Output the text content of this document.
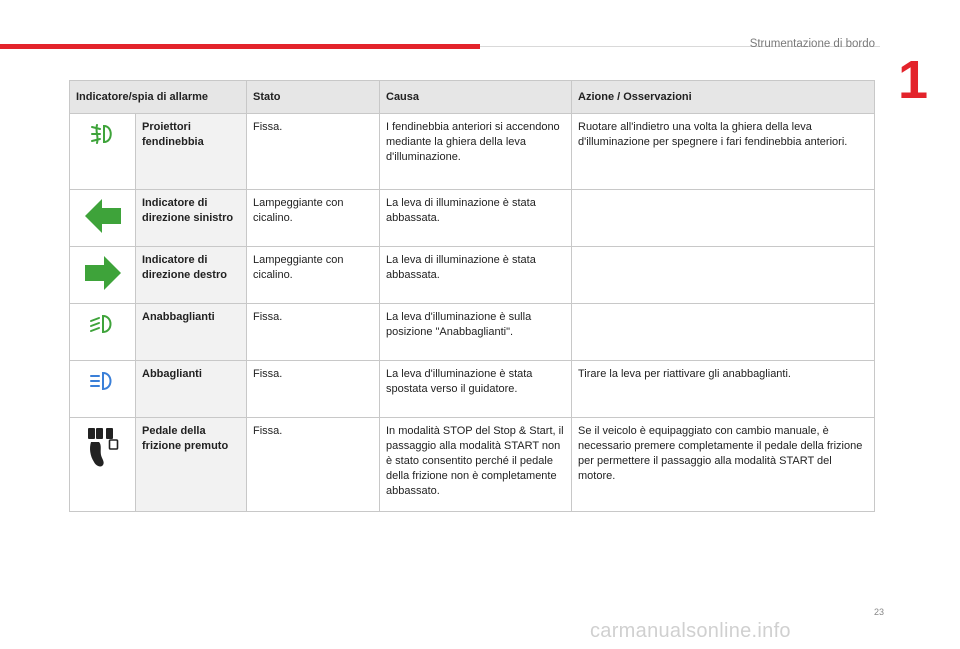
Strumentazione di bordo
1
Indicatore/spia di allarme		Stato	Causa	Azione / Osservazioni

	Proiettori fendinebbia	Fissa.	I fendinebbia anteriori si accendono mediante la ghiera della leva d'illuminazione.	Ruotare all'indietro una volta la ghiera della leva d'illuminazione per spegnere i fari fendinebbia anteriori.

	Indicatore di direzione sinistro	Lampeggiante con cicalino.	La leva di illuminazione è stata abbassata.	

	Indicatore di direzione destro	Lampeggiante con cicalino.	La leva di illuminazione è stata abbassata.	

	Anabbaglianti	Fissa.	La leva d'illuminazione è sulla posizione "Anabbaglianti".	

	Abbaglianti	Fissa.	La leva d'illuminazione è stata spostata verso il guidatore.	Tirare la leva per riattivare gli anabbaglianti.

	Pedale della frizione premuto	Fissa.	In modalità STOP del Stop & Start, il passaggio alla modalità START non è stato consentito perché il pedale della frizione non è completamente abbassato.	Se il veicolo è equipaggiato con cambio manuale, è necessario premere completamente il pedale della frizione per permettere il passaggio alla modalità START del motore.
23
carmanualsonline.info
